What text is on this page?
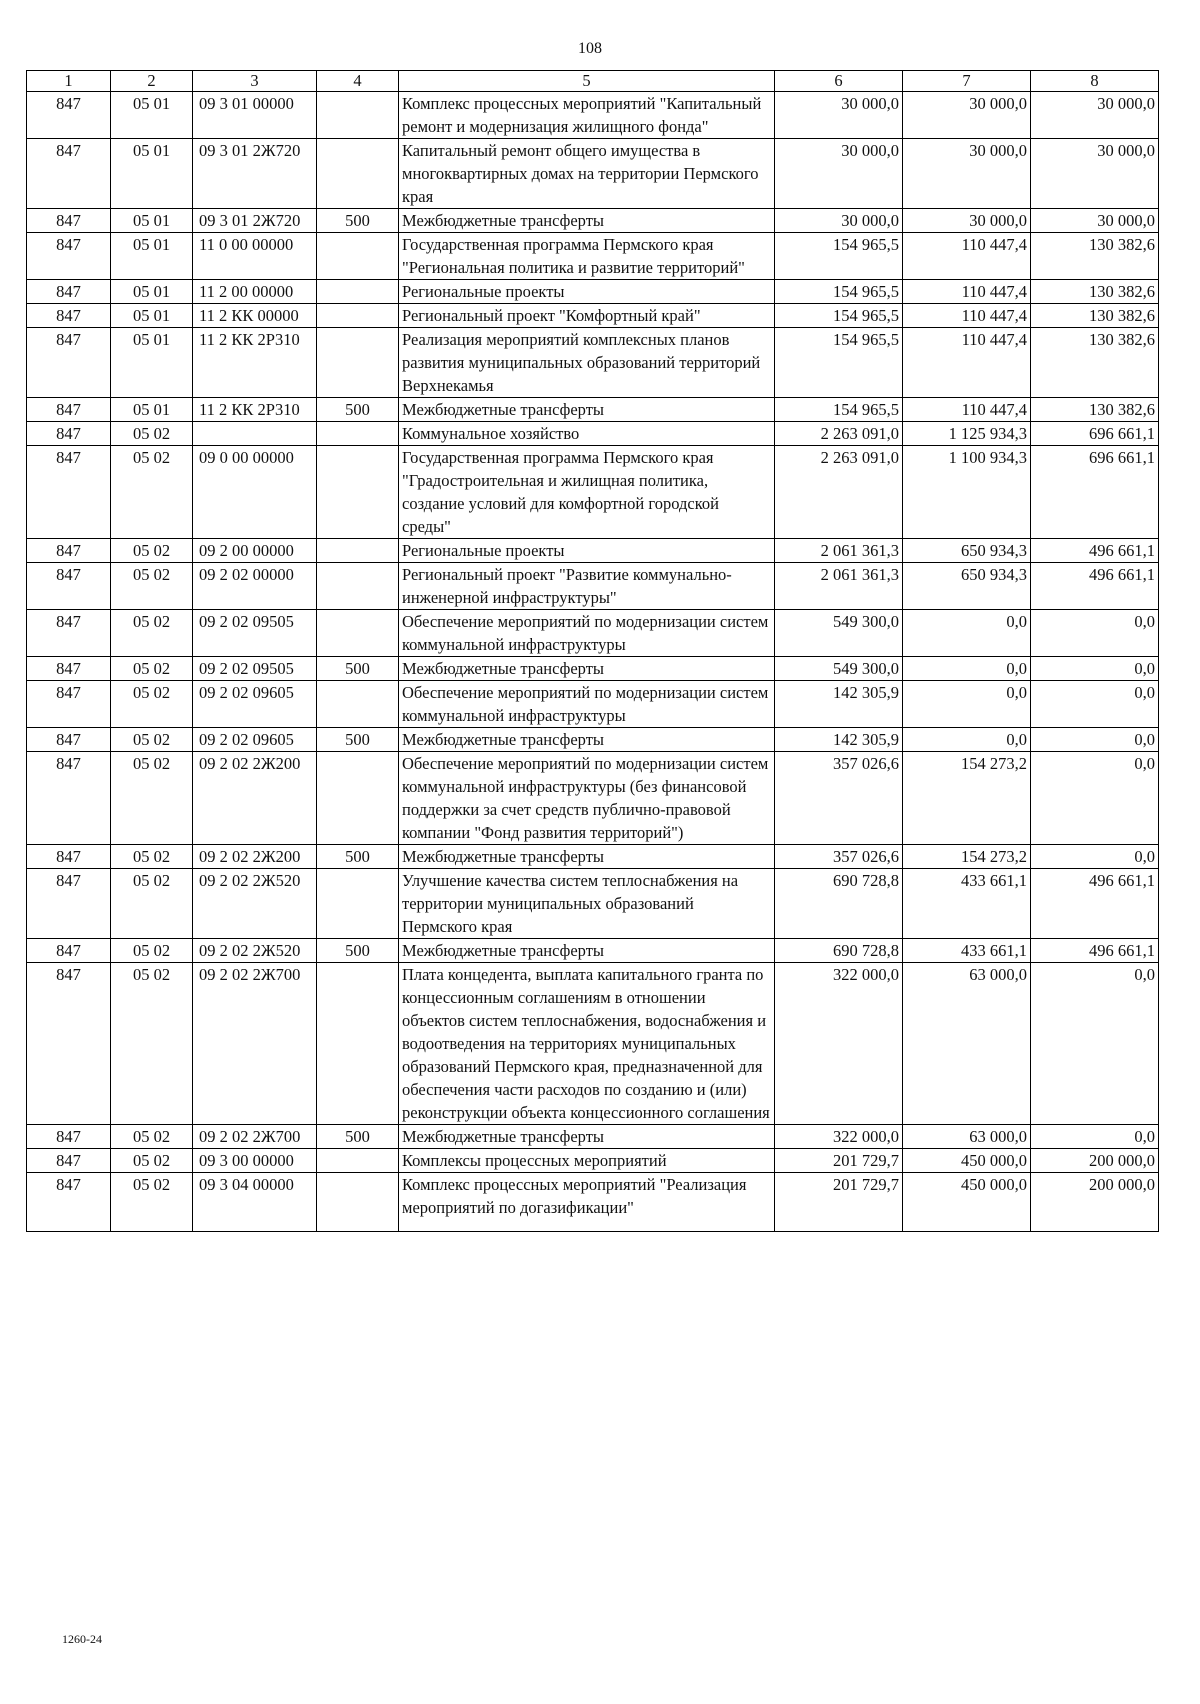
108
1	2	3	4	5	6	7	8
847	05 01	09 3 01 00000		Комплекс процессных мероприятий "Капитальный ремонт и модернизация жилищного фонда"	30 000,0	30 000,0	30 000,0
847	05 01	09 3 01 2Ж720		Капитальный ремонт общего имущества в многоквартирных домах на территории Пермского края	30 000,0	30 000,0	30 000,0
847	05 01	09 3 01 2Ж720	500	Межбюджетные трансферты	30 000,0	30 000,0	30 000,0
847	05 01	11 0 00 00000		Государственная программа Пермского края "Региональная политика и развитие территорий"	154 965,5	110 447,4	130 382,6
847	05 01	11 2 00 00000		Региональные проекты	154 965,5	110 447,4	130 382,6
847	05 01	11 2 КК 00000		Региональный проект "Комфортный край"	154 965,5	110 447,4	130 382,6
847	05 01	11 2 КК 2Р310		Реализация мероприятий комплексных планов развития муниципальных образований территорий Верхнекамья	154 965,5	110 447,4	130 382,6
847	05 01	11 2 КК 2Р310	500	Межбюджетные трансферты	154 965,5	110 447,4	130 382,6
847	05 02			Коммунальное хозяйство	2 263 091,0	1 125 934,3	696 661,1
847	05 02	09 0 00 00000		Государственная программа Пермского края "Градостроительная и жилищная политика, создание условий для комфортной городской среды"	2 263 091,0	1 100 934,3	696 661,1
847	05 02	09 2 00 00000		Региональные проекты	2 061 361,3	650 934,3	496 661,1
847	05 02	09 2 02 00000		Региональный проект "Развитие коммунально-инженерной инфраструктуры"	2 061 361,3	650 934,3	496 661,1
847	05 02	09 2 02 09505		Обеспечение мероприятий по модернизации систем коммунальной инфраструктуры	549 300,0	0,0	0,0
847	05 02	09 2 02 09505	500	Межбюджетные трансферты	549 300,0	0,0	0,0
847	05 02	09 2 02 09605		Обеспечение мероприятий по модернизации систем коммунальной инфраструктуры	142 305,9	0,0	0,0
847	05 02	09 2 02 09605	500	Межбюджетные трансферты	142 305,9	0,0	0,0
847	05 02	09 2 02 2Ж200		Обеспечение мероприятий по модернизации систем коммунальной инфраструктуры (без финансовой поддержки за счет средств публично-правовой компании "Фонд развития территорий")	357 026,6	154 273,2	0,0
847	05 02	09 2 02 2Ж200	500	Межбюджетные трансферты	357 026,6	154 273,2	0,0
847	05 02	09 2 02 2Ж520		Улучшение качества систем теплоснабжения на территории муниципальных образований Пермского края	690 728,8	433 661,1	496 661,1
847	05 02	09 2 02 2Ж520	500	Межбюджетные трансферты	690 728,8	433 661,1	496 661,1
847	05 02	09 2 02 2Ж700		Плата концедента, выплата капитального гранта по концессионным соглашениям в отношении объектов систем теплоснабжения, водоснабжения и водоотведения на территориях муниципальных образований Пермского края, предназначенной для обеспечения части расходов по созданию и (или) реконструкции объекта концессионного соглашения	322 000,0	63 000,0	0,0
847	05 02	09 2 02 2Ж700	500	Межбюджетные трансферты	322 000,0	63 000,0	0,0
847	05 02	09 3 00 00000		Комплексы процессных мероприятий	201 729,7	450 000,0	200 000,0
847	05 02	09 3 04 00000		Комплекс процессных мероприятий "Реализация мероприятий по догазификации"	201 729,7	450 000,0	200 000,0
1260-24
